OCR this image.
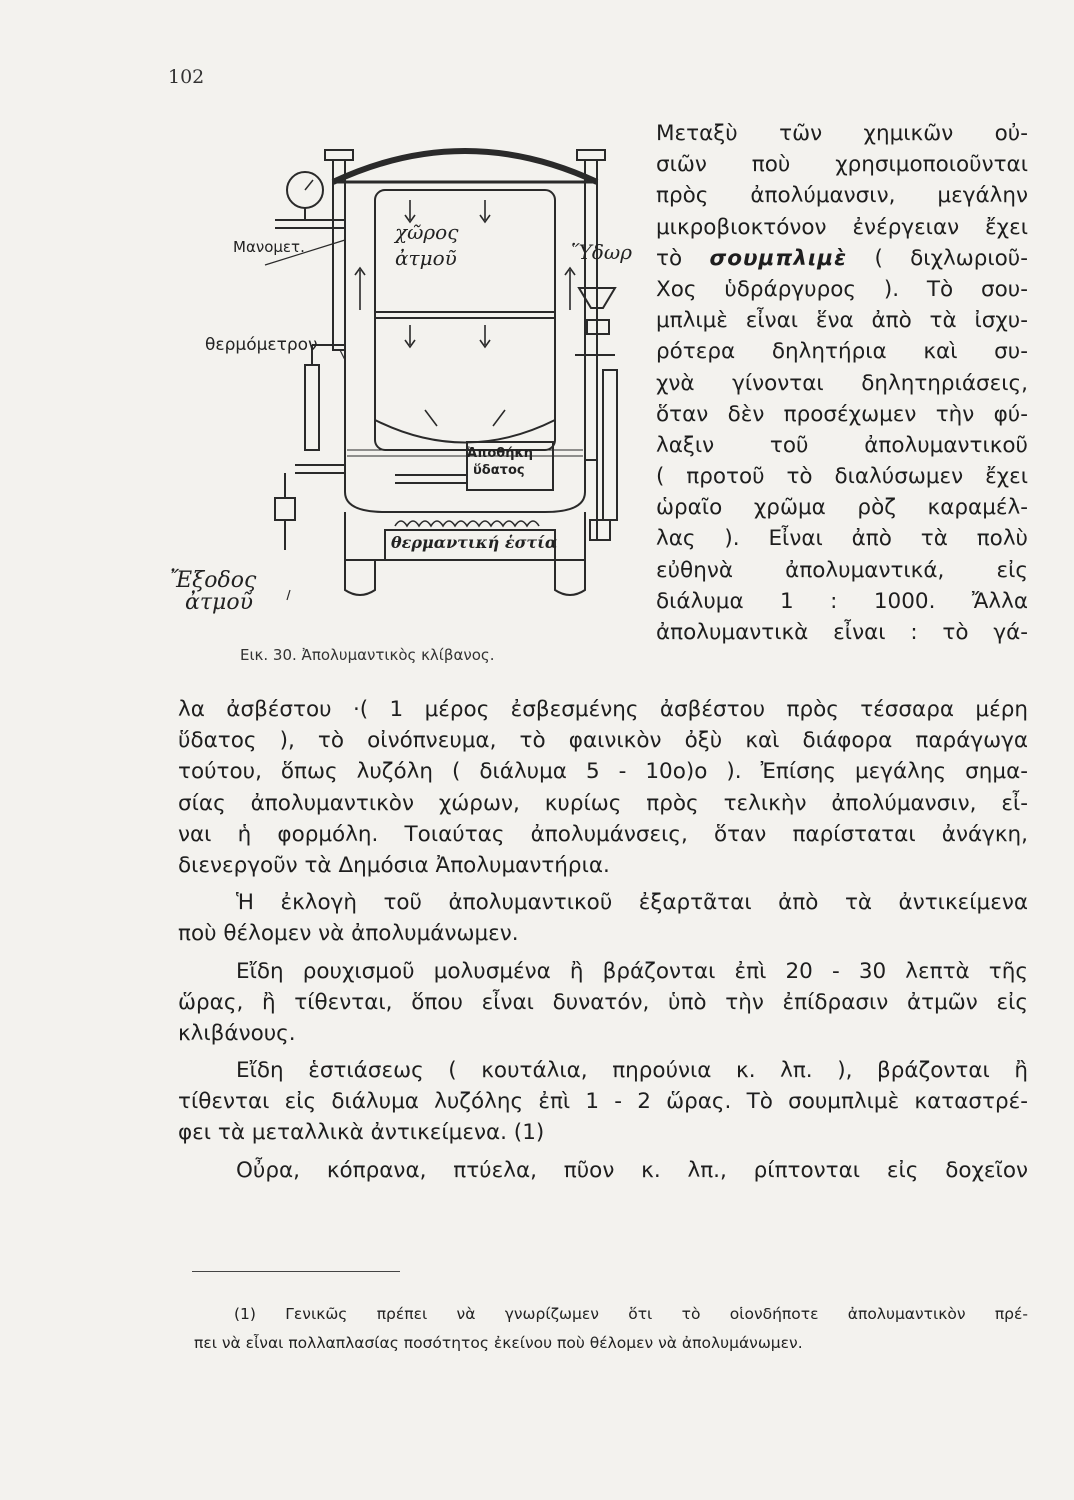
102
Μανομετ.
θερμόμετρον
χῶρος
ἀτμοῦ	Ὕδωρ
Ἀποθήκη
ὕδατος
θερμαντική ἑστία
Ἔξοδος
ἀτμοῦ
Εικ. 30. Ἀπολυμαντικὸς κλίβανος.
Μεταξὺ τῶν χημικῶν οὐ-
σιῶν ποὺ χρησιμοποιοῦνται
πρὸς ἀπολύμανσιν, μεγάλην
μικροβιοκτόνον ἐνέργειαν ἔχει
τὸ σουμπλιμὲ ( διχλωριοῦ-
Χος ὑδράργυρος ). Τὸ σου-
μπλιμὲ εἶναι ἕνα ἀπὸ τὰ ἰσχυ-
ρότερα δηλητήρια καὶ συ-
χνὰ γίνονται δηλητηριάσεις,
ὅταν δὲν προσέχωμεν τὴν φύ-
λαξιν τοῦ ἀπολυμαντικοῦ
( προτοῦ τὸ διαλύσωμεν ἔχει
ὡραῖο χρῶμα ρὸζ καραμέλ-
λας ). Εἶναι ἀπὸ τὰ πολὺ
εὐθηνὰ ἀπολυμαντικά, εἰς
διάλυμα 1 : 1000. Ἄλλα
ἀπολυμαντικὰ εἶναι : τὸ γά-
λα ἀσβέστου ·( 1 μέρος ἐσβεσμένης ἀσβέστου πρὸς τέσσαρα μέρη
ὕδατος ), τὸ οἰνόπνευμα, τὸ φαινικὸν ὀξὺ καὶ διάφορα παράγωγα
τούτου, ὅπως λυζόλη ( διάλυμα 5 - 10ο)ο ). Ἐπίσης μεγάλης σημα-
σίας ἀπολυμαντικὸν χώρων, κυρίως πρὸς τελικὴν ἀπολύμανσιν, εἶ-
ναι ἡ φορμόλη. Τοιαύτας ἀπολυμάνσεις, ὅταν παρίσταται ἀνάγκη,
διενεργοῦν τὰ Δημόσια Ἀπολυμαντήρια.
Ἡ ἐκλογὴ τοῦ ἀπολυμαντικοῦ ἐξαρτᾶται ἀπὸ τὰ ἀντικείμενα
ποὺ θέλομεν νὰ ἀπολυμάνωμεν.
Εἴδη ρουχισμοῦ μολυσμένα ἢ βράζονται ἐπὶ 20 - 30 λεπτὰ τῆς
ὥρας, ἢ τίθενται, ὅπου εἶναι δυνατόν, ὑπὸ τὴν ἐπίδρασιν ἀτμῶν εἰς
κλιβάνους.
Εἴδη ἑστιάσεως ( κουτάλια, πηρούνια κ. λπ. ), βράζονται ἢ
τίθενται εἰς διάλυμα λυζόλης ἐπὶ 1 - 2 ὥρας. Τὸ σουμπλιμὲ καταστρέ-
φει τὰ μεταλλικὰ ἀντικείμενα. (1)
Οὖρα, κόπρανα, πτύελα, πῦον κ. λπ., ρίπτονται εἰς δοχεῖον
(1) Γενικῶς πρέπει νὰ γνωρίζωμεν ὅτι τὸ οἱονδήποτε ἀπολυμαντικὸν πρέ-
πει νὰ εἶναι πολλαπλασίας ποσότητος ἐκείνου ποὺ θέλομεν νὰ ἀπολυμάνωμεν.
